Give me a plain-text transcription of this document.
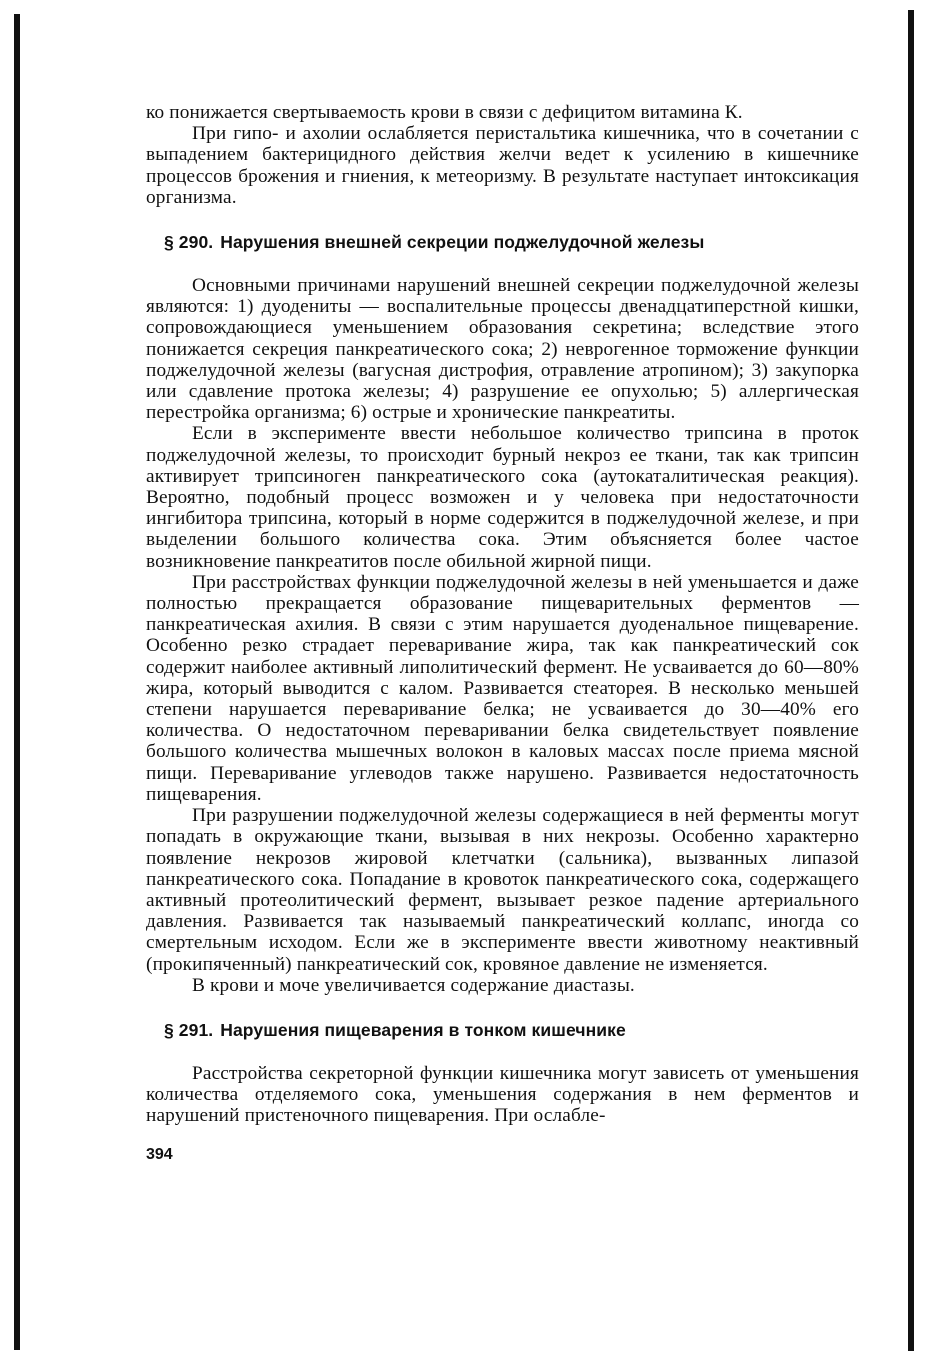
ко понижается свертываемость крови в связи с дефицитом витамина К.

При гипо- и ахолии ослабляется перистальтика кишечника, что в сочетании с выпадением бактерицидного действия желчи ведет к усилению в кишечнике процессов брожения и гниения, к метеоризму. В результате наступает интоксикация организма.

§ 290. Нарушения внешней секреции поджелудочной железы

Основными причинами нарушений внешней секреции поджелудочной железы являются: 1) дуодениты — воспалительные процессы двенадцатиперстной кишки, сопровождающиеся уменьшением образования секретина; вследствие этого понижается секреция панкреатического сока; 2) неврогенное торможение функции поджелудочной железы (вагусная дистрофия, отравление атропином); 3) закупорка или сдавление протока железы; 4) разрушение ее опухолью; 5) аллергическая перестройка организма; 6) острые и хронические панкреатиты.

Если в эксперименте ввести небольшое количество трипсина в проток поджелудочной железы, то происходит бурный некроз ее ткани, так как трипсин активирует трипсиноген панкреатического сока (аутокаталитическая реакция). Вероятно, подобный процесс возможен и у человека при недостаточности ингибитора трипсина, который в норме содержится в поджелудочной железе, и при выделении большого количества сока. Этим объясняется более частое возникновение панкреатитов после обильной жирной пищи.

При расстройствах функции поджелудочной железы в ней уменьшается и даже полностью прекращается образование пищеварительных ферментов — панкреатическая ахилия. В связи с этим нарушается дуоденальное пищеварение. Особенно резко страдает переваривание жира, так как панкреатический сок содержит наиболее активный липолитический фермент. Не усваивается до 60—80% жира, который выводится с калом. Развивается стеаторея. В несколько меньшей степени нарушается переваривание белка; не усваивается до 30—40% его количества. О недостаточном переваривании белка свидетельствует появление большого количества мышечных волокон в каловых массах после приема мясной пищи. Переваривание углеводов также нарушено. Развивается недостаточность пищеварения.

При разрушении поджелудочной железы содержащиеся в ней ферменты могут попадать в окружающие ткани, вызывая в них некрозы. Особенно характерно появление некрозов жировой клетчатки (сальника), вызванных липазой панкреатического сока. Попадание в кровоток панкреатического сока, содержащего активный протеолитический фермент, вызывает резкое падение артериального давления. Развивается так называемый панкреатический коллапс, иногда со смертельным исходом. Если же в эксперименте ввести животному неактивный (прокипяченный) панкреатический сок, кровяное давление не изменяется.

В крови и моче увеличивается содержание диастазы.

§ 291. Нарушения пищеварения в тонком кишечнике

Расстройства секреторной функции кишечника могут зависеть от уменьшения количества отделяемого сока, уменьшения содержания в нем ферментов и нарушений пристеночного пищеварения. При ослабле-

394
